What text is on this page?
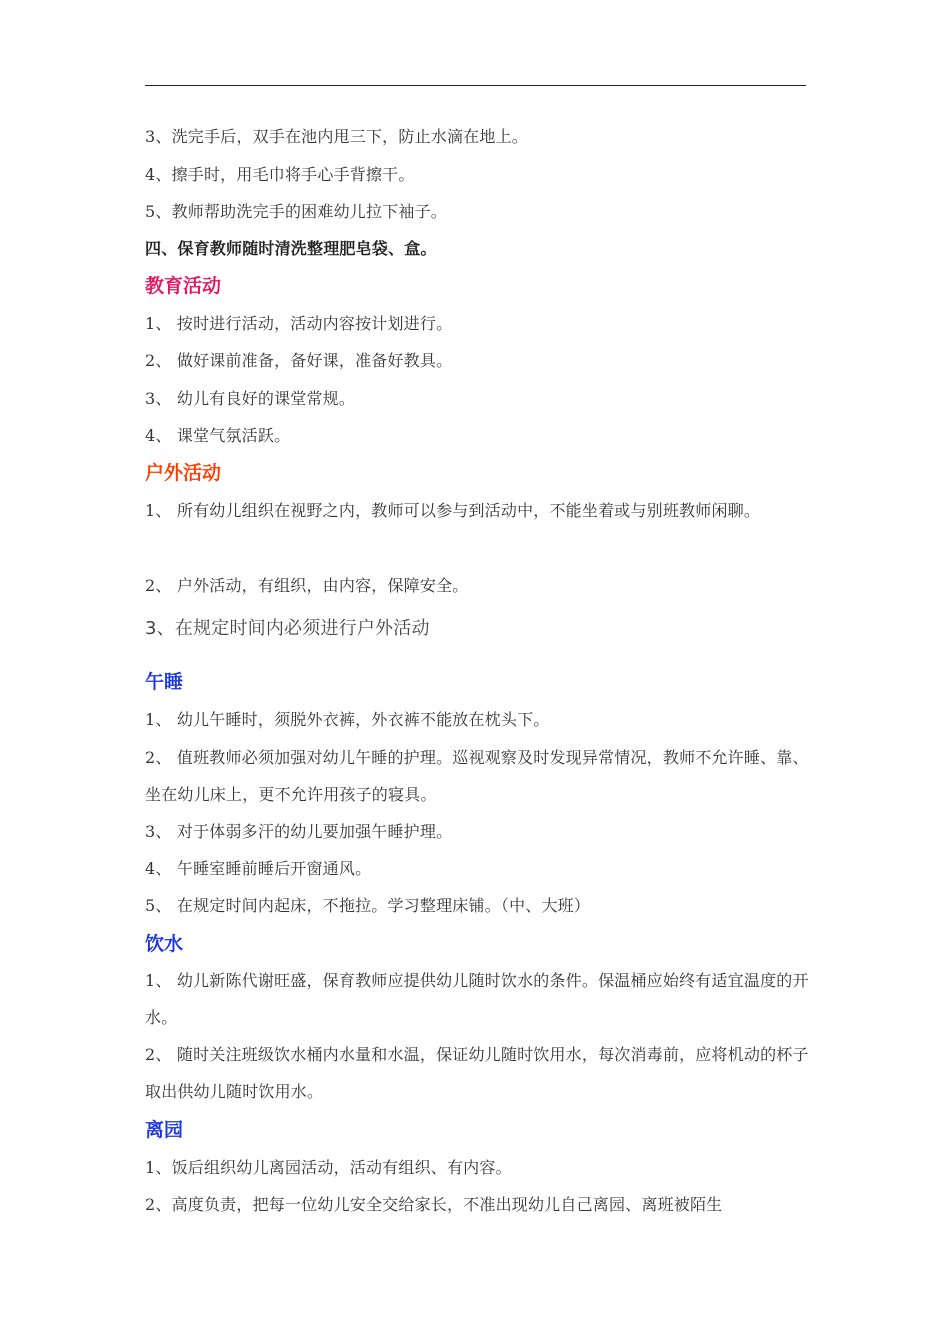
3、洗完手后，双手在池内甩三下，防止水滴在地上。
4、擦手时，用毛巾将手心手背擦干。
5、教师帮助洗完手的困难幼儿拉下袖子。
四、保育教师随时清洗整理肥皂袋、盒。
教育活动
1、 按时进行活动，活动内容按计划进行。
2、 做好课前准备，备好课，准备好教具。
3、 幼儿有良好的课堂常规。
4、 课堂气氛活跃。
户外活动
1、 所有幼儿组织在视野之内，教师可以参与到活动中，不能坐着或与别班教师闲聊。
2、 户外活动，有组织，由内容，保障安全。
3、在规定时间内必须进行户外活动
午睡
1、 幼儿午睡时，须脱外衣裤，外衣裤不能放在枕头下。
2、 值班教师必须加强对幼儿午睡的护理。巡视观察及时发现异常情况，教师不允许睡、靠、坐在幼儿床上，更不允许用孩子的寝具。
3、 对于体弱多汗的幼儿要加强午睡护理。
4、 午睡室睡前睡后开窗通风。
5、 在规定时间内起床，不拖拉。学习整理床铺。（中、大班）
饮水
1、 幼儿新陈代谢旺盛，保育教师应提供幼儿随时饮水的条件。保温桶应始终有适宜温度的开水。
2、 随时关注班级饮水桶内水量和水温，保证幼儿随时饮用水，每次消毒前，应将机动的杯子取出供幼儿随时饮用水。
离园
1、饭后组织幼儿离园活动，活动有组织、有内容。
2、高度负责，把每一位幼儿安全交给家长，不准出现幼儿自己离园、离班被陌生
